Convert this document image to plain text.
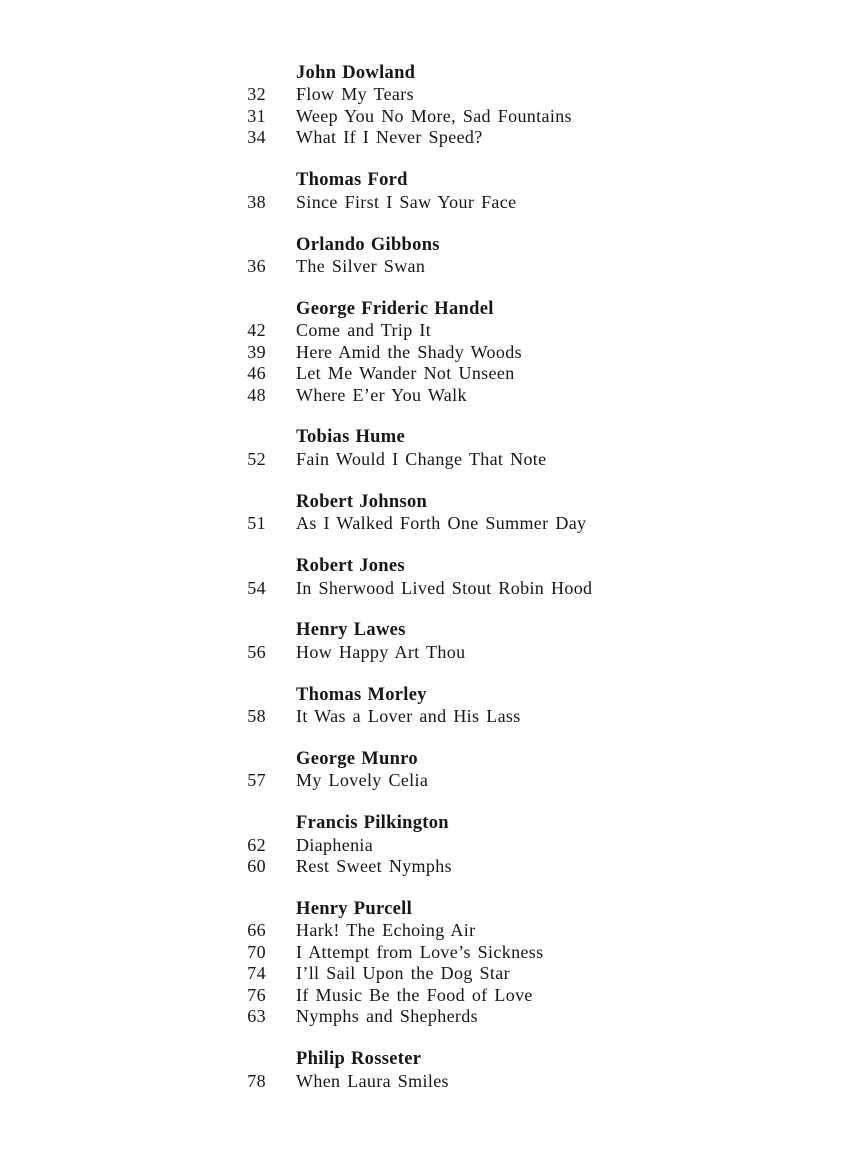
John Dowland
32 Flow My Tears
31 Weep You No More, Sad Fountains
34 What If I Never Speed?
Thomas Ford
38 Since First I Saw Your Face
Orlando Gibbons
36 The Silver Swan
George Frideric Handel
42 Come and Trip It
39 Here Amid the Shady Woods
46 Let Me Wander Not Unseen
48 Where E’er You Walk
Tobias Hume
52 Fain Would I Change That Note
Robert Johnson
51 As I Walked Forth One Summer Day
Robert Jones
54 In Sherwood Lived Stout Robin Hood
Henry Lawes
56 How Happy Art Thou
Thomas Morley
58 It Was a Lover and His Lass
George Munro
57 My Lovely Celia
Francis Pilkington
62 Diaphenia
60 Rest Sweet Nymphs
Henry Purcell
66 Hark! The Echoing Air
70 I Attempt from Love’s Sickness
74 I’ll Sail Upon the Dog Star
76 If Music Be the Food of Love
63 Nymphs and Shepherds
Philip Rosseter
78 When Laura Smiles
